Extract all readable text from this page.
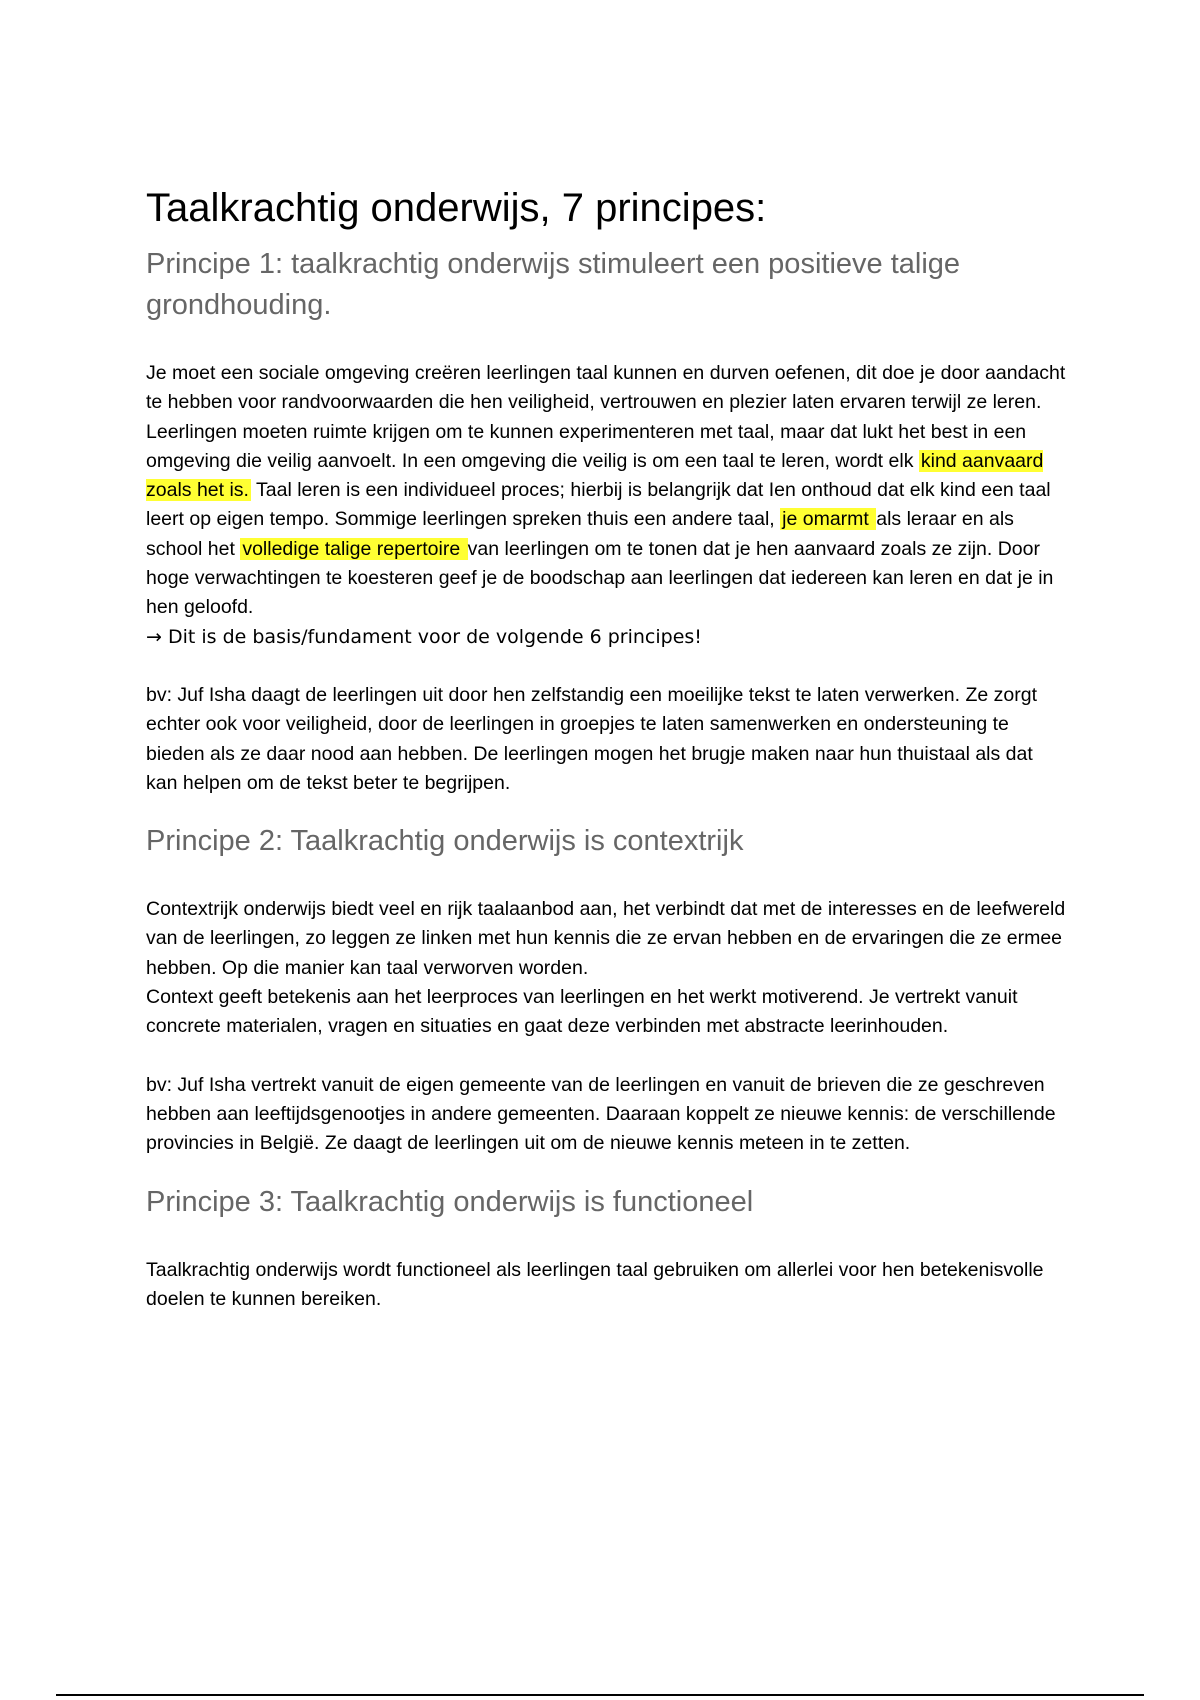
Taalkrachtig onderwijs, 7 principes:
Principe 1: taalkrachtig onderwijs stimuleert een positieve talige grondhouding.

Je moet een sociale omgeving creëren leerlingen taal kunnen en durven oefenen, dit doe je door aandacht te hebben voor randvoorwaarden die hen veiligheid, vertrouwen en plezier laten ervaren terwijl ze leren.

Leerlingen moeten ruimte krijgen om te kunnen experimenteren met taal, maar dat lukt het best in een omgeving die veilig aanvoelt. In een omgeving die veilig is om een taal te leren, wordt elk kind aanvaard zoals het is. Taal leren is een individueel proces; hierbij is belangrijk dat Ien onthoud dat elk kind een taal leert op eigen tempo. Sommige leerlingen spreken thuis een andere taal, je omarmt als leraar en als school het volledige talige repertoire van leerlingen om te tonen dat je hen aanvaard zoals ze zijn. Door hoge verwachtingen te koesteren geef je de boodschap aan leerlingen dat iedereen kan leren en dat je in hen geloofd.

→ Dit is de basis/fundament voor de volgende 6 principes!

bv: Juf Isha daagt de leerlingen uit door hen zelfstandig een moeilijke tekst te laten verwerken. Ze zorgt echter ook voor veiligheid, door de leerlingen in groepjes te laten samenwerken en ondersteuning te bieden als ze daar nood aan hebben. De leerlingen mogen het brugje maken naar hun thuistaal als dat kan helpen om de tekst beter te begrijpen.

Principe 2: Taalkrachtig onderwijs is contextrijk

Contextrijk onderwijs biedt veel en rijk taalaanbod aan, het verbindt dat met de interesses en de leefwereld van de leerlingen, zo leggen ze linken met hun kennis die ze ervan hebben en de ervaringen die ze ermee hebben. Op die manier kan taal verworven worden.

Context geeft betekenis aan het leerproces van leerlingen en het werkt motiverend. Je vertrekt vanuit concrete materialen, vragen en situaties en gaat deze verbinden met abstracte leerinhouden.

bv: Juf Isha vertrekt vanuit de eigen gemeente van de leerlingen en vanuit de brieven die ze geschreven hebben aan leeftijdsgenootjes in andere gemeenten. Daaraan koppelt ze nieuwe kennis: de verschillende provincies in België. Ze daagt de leerlingen uit om de nieuwe kennis meteen in te zetten.

Principe 3: Taalkrachtig onderwijs is functioneel

Taalkrachtig onderwijs wordt functioneel als leerlingen taal gebruiken om allerlei voor hen betekenisvolle doelen te kunnen bereiken.
